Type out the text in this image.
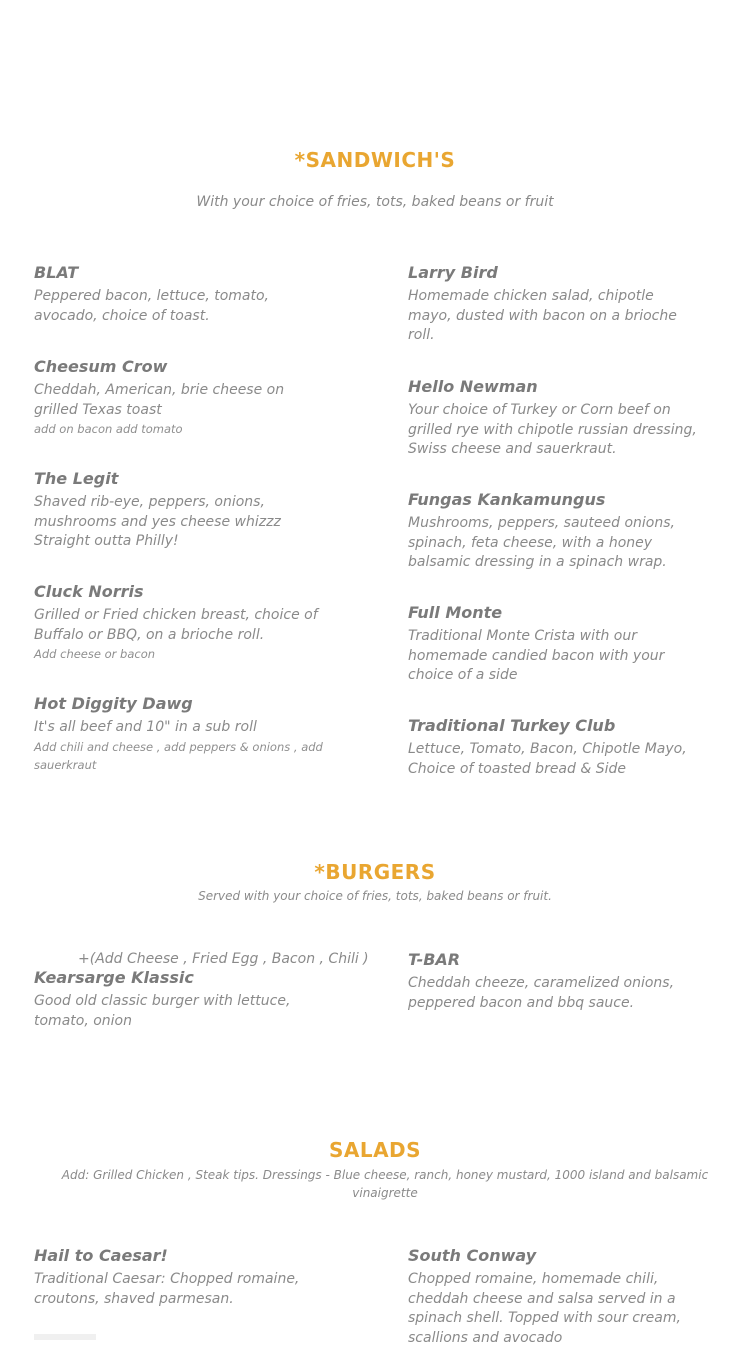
*SANDWICH'S
With your choice of fries, tots, baked beans or fruit
BLAT
Peppered bacon, lettuce, tomato, avocado, choice of toast.
Cheesum Crow
Cheddah, American, brie cheese on grilled Texas toast
add on bacon add tomato
The Legit
Shaved rib-eye, peppers, onions, mushrooms and yes cheese whizzz Straight outta Philly!
Cluck Norris
Grilled or Fried chicken breast, choice of Buffalo or BBQ, on a brioche roll.
Add cheese or bacon
Hot Diggity Dawg
It's all beef and 10" in a sub roll
Add chili and cheese , add peppers & onions , add sauerkraut
Larry Bird
Homemade chicken salad, chipotle mayo, dusted with bacon on a brioche roll.
Hello Newman
Your choice of Turkey or Corn beef on grilled rye with chipotle russian dressing, Swiss cheese and sauerkraut.
Fungas Kankamungus
Mushrooms, peppers, sauteed onions, spinach, feta cheese, with a honey balsamic dressing in a spinach wrap.
Full Monte
Traditional Monte Crista with our homemade candied bacon with your choice of a side
Traditional Turkey Club
Lettuce, Tomato, Bacon, Chipotle Mayo, Choice of toasted bread & Side
*BURGERS
Served with your choice of fries, tots, baked beans or fruit.
+(Add Cheese , Fried Egg , Bacon , Chili )
Kearsarge Klassic
Good old classic burger with lettuce, tomato, onion
T-BAR
Cheddah cheeze, caramelized onions, peppered bacon and bbq sauce.
SALADS
Add: Grilled Chicken , Steak tips. Dressings - Blue cheese, ranch, honey mustard, 1000 island and balsamic vinaigrette
Hail to Caesar!
Traditional Caesar: Chopped romaine, croutons, shaved parmesan.
South Conway
Chopped romaine, homemade chili, cheddah cheese and salsa served in a spinach shell. Topped with sour cream, scallions and avocado
